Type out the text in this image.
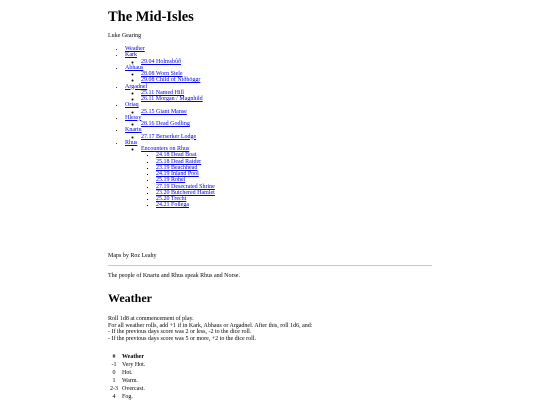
The Mid-Isles
Luke Gearing
• Weather
• Kark
◦ 29.04 Holmsbûð
• Abhaus
◦ 28.08 Worn Stele
◦ 29.08 Child of Niðhöggr
• Argadnel
◦ 25.11 Named Hill
◦ 26.11 Morgan / Magnhild
• Oriaq
◦ 25.15 Giant Manse
• Hlessy
◦ 28.16 Dead Godling
• Knartu
◦ 27.17 Berserker Lodge
• Rhus
◦ Encounters on Rhus
▪ 24.18 Dead Boat
▪ 25.18 Dead Raider
▪ 23.19 Beachhead
▪ 24.19 Inland Pool
▪ 25.19 Rohel
▪ 27.19 Desecrated Shrine
▪ 23.20 Butchered Hamlet
▪ 25.20 Trecht
▪ 24.21 Follega
Maps by Roz Leahy
The people of Knartu and Rhus speak Rhus and Norse.
Weather
Roll 1d8 at commencement of play.
For all weather rolls, add +1 if in Kark, Abhaus or Argadnel. After this, roll 1d6, and:
- If the previous days score was 2 or less, -2 to the dice roll.
- If the previous days score was 5 or more, +2 to the dice roll.
#	Weather
-1	Very Hot.
0	Hot.
1	Warm.
2-3	Overcast.
4	Fog.
